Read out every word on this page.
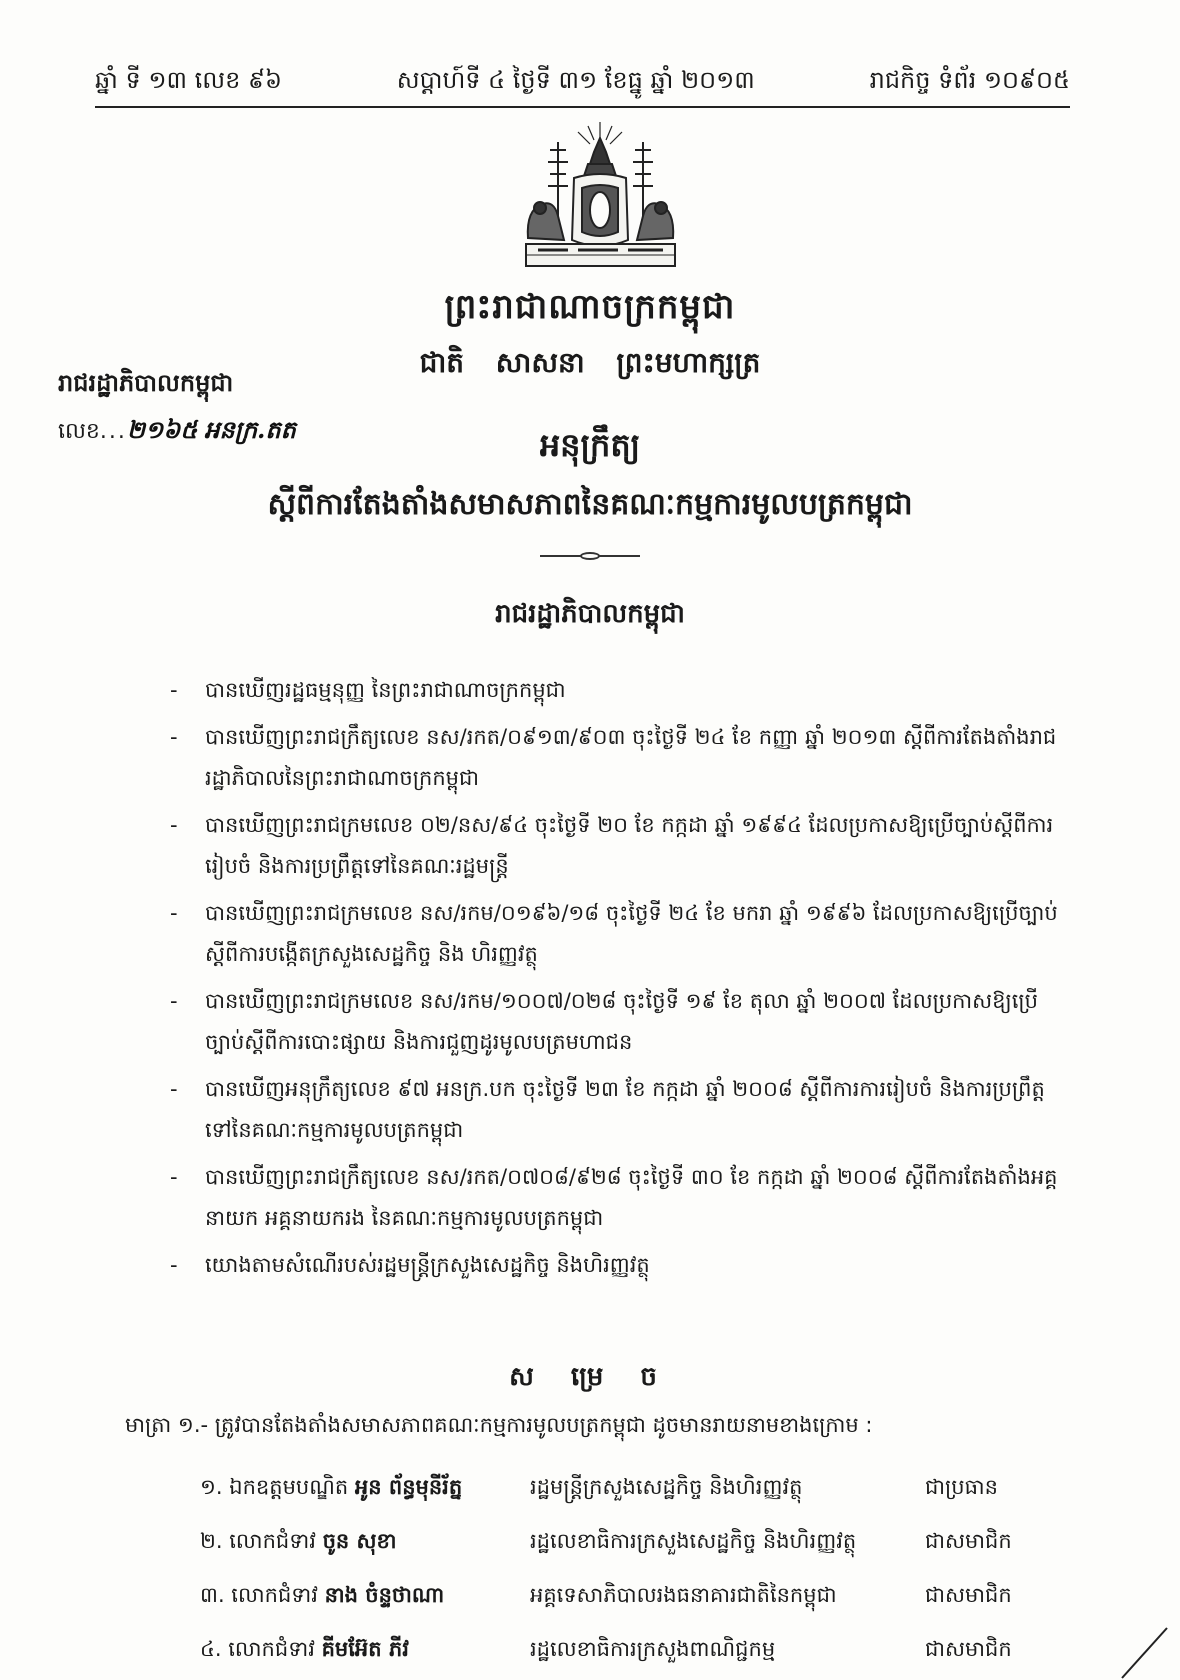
ឆ្នាំ ទី ១៣ លេខ ៩៦	សប្តាហ៍ទី ៤ ថ្ងៃទី ៣១ ខែធ្នូ ឆ្នាំ ២០១៣	រាជកិច្ច ទំព័រ ១០៩០៥
ព្រះរាជាណាចក្រកម្ពុជា
ជាតិ សាសនា ព្រះមហាក្សត្រ
រាជរដ្ឋាភិបាលកម្ពុជា
លេខ...២១៦៥ អនក្រ.តត	អនុក្រឹត្យ
ស្តីពីការតែងតាំងសមាសភាពនៃគណៈកម្មការមូលបត្រកម្ពុជា
រាជរដ្ឋាភិបាលកម្ពុជា
- បានឃើញរដ្ឋធម្មនុញ្ញ នៃព្រះរាជាណាចក្រកម្ពុជា
- បានឃើញព្រះរាជក្រឹត្យលេខ នស/រកត/០៩១៣/៩០៣ ចុះថ្ងៃទី ២៤ ខែ កញ្ញា ឆ្នាំ ២០១៣ ស្តីពីការតែងតាំងរាជរដ្ឋាភិបាលនៃព្រះរាជាណាចក្រកម្ពុជា
- បានឃើញព្រះរាជក្រមលេខ ០២/នស/៩៤ ចុះថ្ងៃទី ២០ ខែ កក្កដា ឆ្នាំ ១៩៩៤ ដែលប្រកាសឱ្យប្រើច្បាប់ស្តីពីការរៀបចំ និងការប្រព្រឹត្តទៅនៃគណៈរដ្ឋមន្ត្រី
- បានឃើញព្រះរាជក្រមលេខ នស/រកម/០១៩៦/១៨ ចុះថ្ងៃទី ២៤ ខែ មករា ឆ្នាំ ១៩៩៦ ដែលប្រកាសឱ្យប្រើច្បាប់ស្តីពីការបង្កើតក្រសួងសេដ្ឋកិច្ច និង ហិរញ្ញវត្ថុ
- បានឃើញព្រះរាជក្រមលេខ នស/រកម/១០០៧/០២៨ ចុះថ្ងៃទី ១៩ ខែ តុលា ឆ្នាំ ២០០៧ ដែលប្រកាសឱ្យប្រើច្បាប់ស្តីពីការបោះផ្សាយ និងការជួញដូរមូលបត្រមហាជន
- បានឃើញអនុក្រឹត្យលេខ ៩៧ អនក្រ.បក ចុះថ្ងៃទី ២៣ ខែ កក្កដា ឆ្នាំ ២០០៨ ស្តីពីការការរៀបចំ និងការប្រព្រឹត្តទៅនៃគណៈកម្មការមូលបត្រកម្ពុជា
- បានឃើញព្រះរាជក្រឹត្យលេខ នស/រកត/០៧០៨/៩២៨ ចុះថ្ងៃទី ៣០ ខែ កក្កដា ឆ្នាំ ២០០៨ ស្តីពីការតែងតាំងអគ្គនាយក អគ្គនាយករង នៃគណៈកម្មការមូលបត្រកម្ពុជា
- យោងតាមសំណើរបស់រដ្ឋមន្ត្រីក្រសួងសេដ្ឋកិច្ច និងហិរញ្ញវត្ថុ
ស ម្រេ ច
មាត្រា ១.- ត្រូវបានតែងតាំងសមាសភាពគណៈកម្មការមូលបត្រកម្ពុជា ដូចមានរាយនាមខាងក្រោម :
១. ឯកឧត្តមបណ្ឌិត អូន ព័ន្ធមុនីរ័ត្ន	រដ្ឋមន្ត្រីក្រសួងសេដ្ឋកិច្ច និងហិរញ្ញវត្ថុ	ជាប្រធាន
២. លោកជំទាវ ចូន សុខា	រដ្ឋលេខាធិការក្រសួងសេដ្ឋកិច្ច និងហិរញ្ញវត្ថុ	ជាសមាជិក
៣. លោកជំទាវ នាង ចំន្ទថាណា	អគ្គទេសាភិបាលរងធនាគារជាតិនៃកម្ពុជា	ជាសមាជិក
៤. លោកជំទាវ គីមអ៊ែត ភីវ	រដ្ឋលេខាធិការក្រសួងពាណិជ្ជកម្ម	ជាសមាជិក
